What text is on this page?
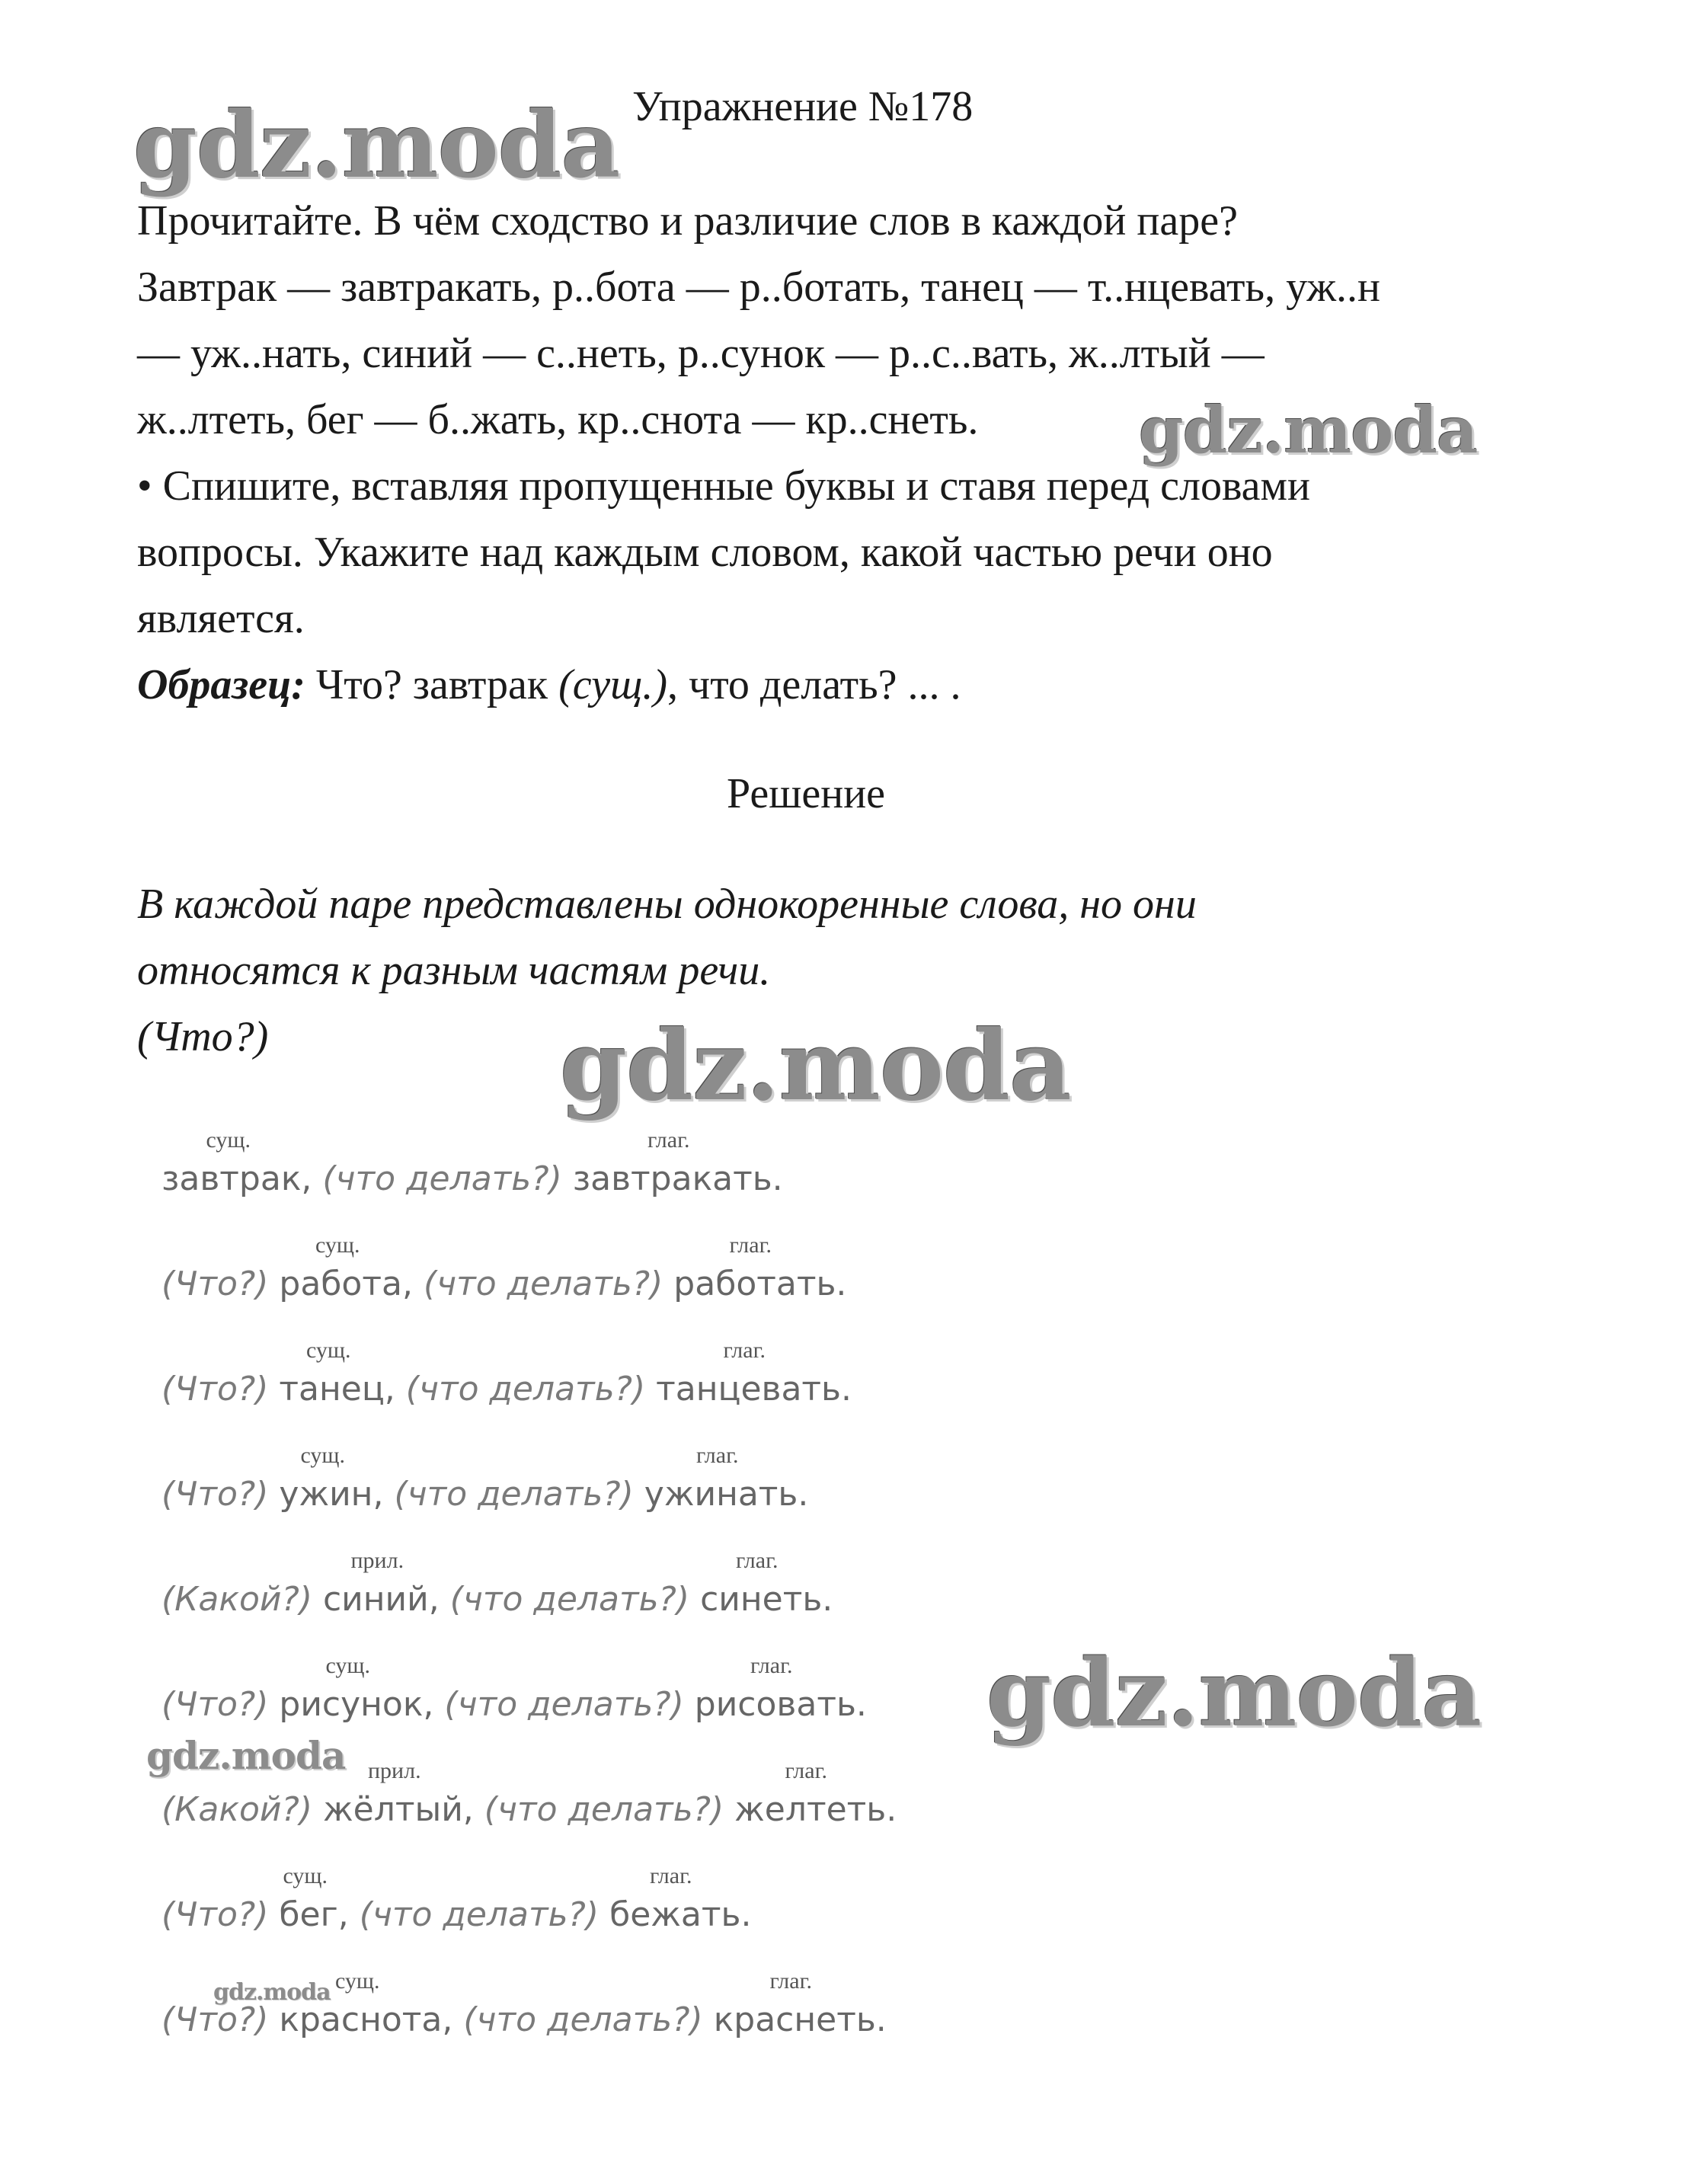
Упражнение №178
Прочитайте. В чём сходство и различие слов в каждой паре?
Завтрак — завтракать, р..бота — р..ботать, танец — т..нцевать, уж..н
— уж..нать, синий — с..неть, р..сунок — р..с..вать, ж..лтый —
ж..лтеть, бег — б..жать, кр..снота — кр..снеть.
• Спишите, вставляя пропущенные буквы и ставя перед словами
вопросы. Укажите над каждым словом, какой частью речи оно
является.
Образец: Что? завтрак (сущ.), что делать? ... .
Решение
В каждой паре представлены однокоренные слова, но они
относятся к разным частям речи.
(Что?)
завтрак, (что делать?) завтракать.
сущ.	глаг.
(Что?) работа, (что делать?) работать.
сущ.	глаг.
(Что?) танец, (что делать?) танцевать.
сущ.	глаг.
(Что?) ужин, (что делать?) ужинать.
сущ.	глаг.
(Какой?) синий, (что делать?) синеть.
прил.	глаг.
(Что?) рисунок, (что делать?) рисовать.
сущ.	глаг.
(Какой?) жёлтый, (что делать?) желтеть.
прил.	глаг.
(Что?) бег, (что делать?) бежать.
сущ.	глаг.
(Что?) краснота, (что делать?) краснеть.
сущ.	глаг.
gdz.moda
gdz.moda
gdz.moda
gdz.moda
gdz.moda
gdz.moda
